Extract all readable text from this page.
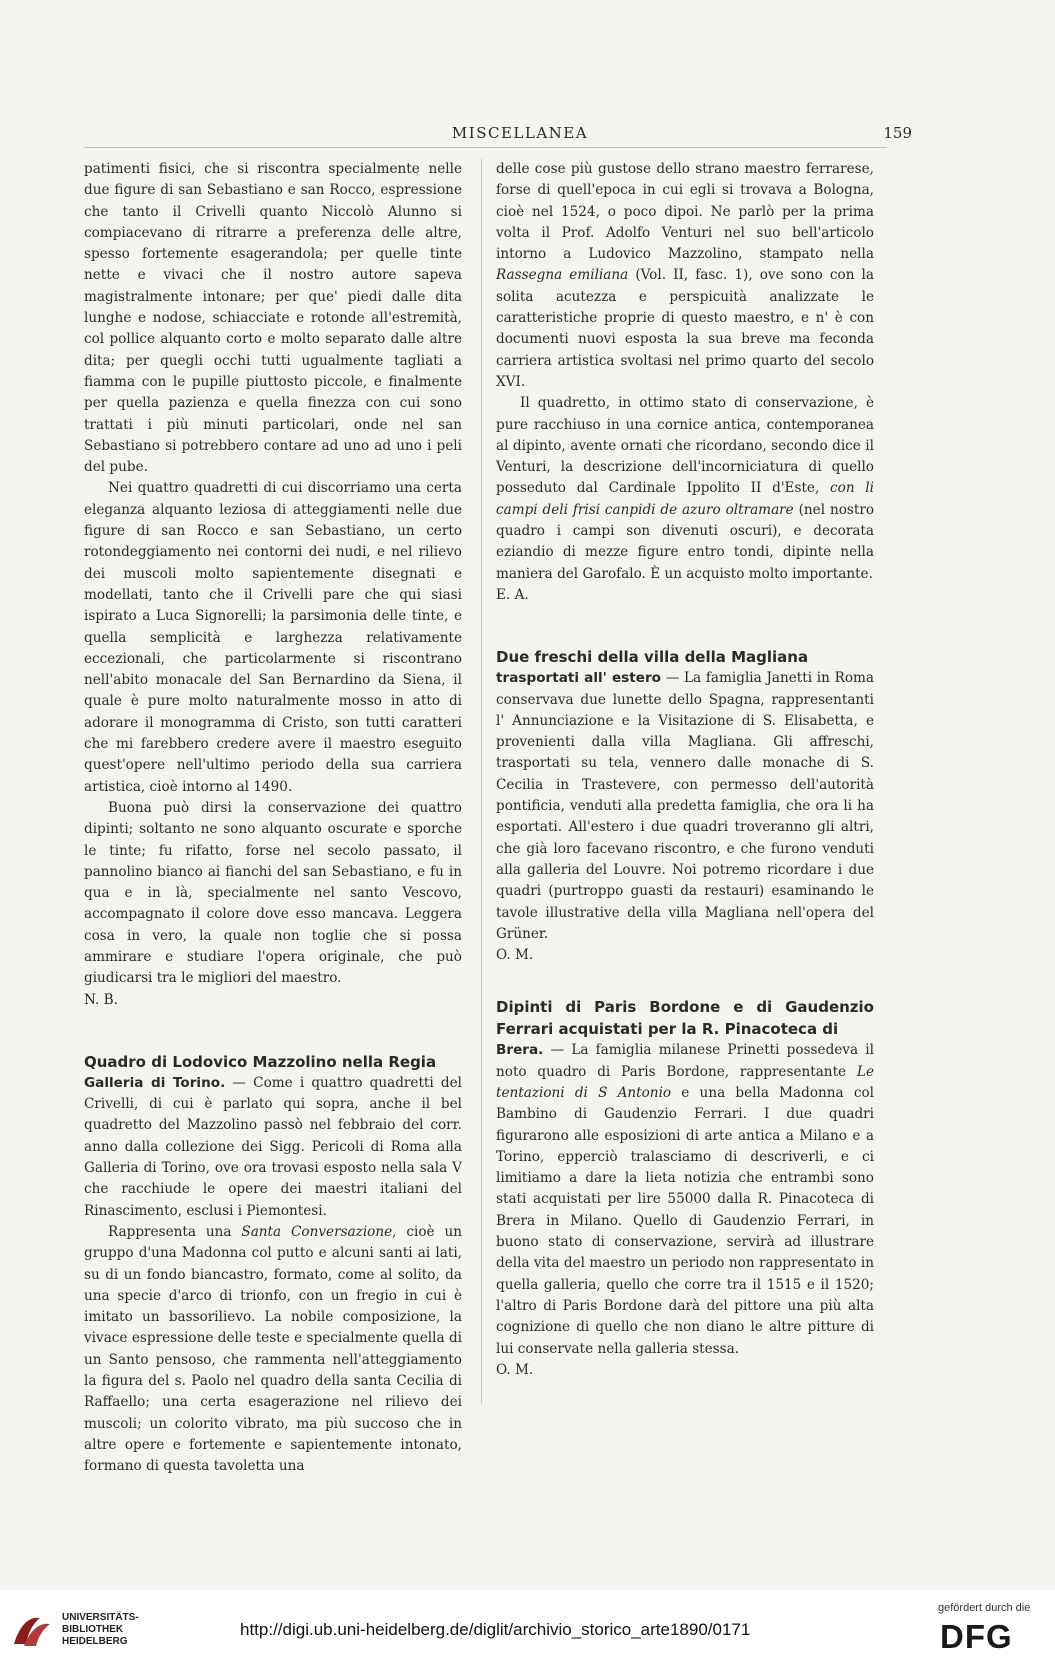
MISCELLANEA	159

patimenti fisici, che si riscontra specialmente nelle due figure di san Sebastiano e san Rocco, espressione che tanto il Crivelli quanto Niccolò Alunno si compiacevano di ritrarre a preferenza delle altre, spesso fortemente esagerandola; per quelle tinte nette e vivaci che il nostro autore sapeva magistralmente intonare; per que' piedi dalle dita lunghe e nodose, schiacciate e rotonde all'estremità, col pollice alquanto corto e molto separato dalle altre dita; per quegli occhi tutti ugualmente tagliati a fiamma con le pupille piuttosto piccole, e finalmente per quella pazienza e quella finezza con cui sono trattati i più minuti particolari, onde nel san Sebastiano si potrebbero contare ad uno ad uno i peli del pube.

Nei quattro quadretti di cui discorriamo una certa eleganza alquanto leziosa di atteggiamenti nelle due figure di san Rocco e san Sebastiano, un certo rotondeggiamento nei contorni dei nudi, e nel rilievo dei muscoli molto sapientemente disegnati e modellati, tanto che il Crivelli pare che qui siasi ispirato a Luca Signorelli; la parsimonia delle tinte, e quella semplicità e larghezza relativamente eccezionali, che particolarmente si riscontrano nell'abito monacale del San Bernardino da Siena, il quale è pure molto naturalmente mosso in atto di adorare il monogramma di Cristo, son tutti caratteri che mi farebbero credere avere il maestro eseguito quest'opere nell'ultimo periodo della sua carriera artistica, cioè intorno al 1490.

Buona può dirsi la conservazione dei quattro dipinti; soltanto ne sono alquanto oscurate e sporche le tinte; fu rifatto, forse nel secolo passato, il pannolino bianco ai fianchi del san Sebastiano, e fu in qua e in là, specialmente nel santo Vescovo, accompagnato il colore dove esso mancava. Leggera cosa in vero, la quale non toglie che si possa ammirare e studiare l'opera originale, che può giudicarsi tra le migliori del maestro.

N. B.

Quadro di Lodovico Mazzolino nella Regia

Galleria di Torino. — Come i quattro quadretti del Crivelli, di cui è parlato qui sopra, anche il bel quadretto del Mazzolino passò nel febbraio del corr. anno dalla collezione dei Sigg. Pericoli di Roma alla Galleria di Torino, ove ora trovasi esposto nella sala V che racchiude le opere dei maestri italiani del Rinascimento, esclusi i Piemontesi.

Rappresenta una Santa Conversazione, cioè un gruppo d'una Madonna col putto e alcuni santi ai lati, su di un fondo biancastro, formato, come al solito, da una specie d'arco di trionfo, con un fregio in cui è imitato un bassorilievo. La nobile composizione, la vivace espressione delle teste e specialmente quella di un Santo pensoso, che rammenta nell'atteggiamento la figura del s. Paolo nel quadro della santa Cecilia di Raffaello; una certa esagerazione nel rilievo dei muscoli; un colorito vibrato, ma più succoso che in altre opere e fortemente e sapientemente intonato, formano di questa tavoletta una

delle cose più gustose dello strano maestro ferrarese, forse di quell'epoca in cui egli si trovava a Bologna, cioè nel 1524, o poco dipoi. Ne parlò per la prima volta il Prof. Adolfo Venturi nel suo bell'articolo intorno a Ludovico Mazzolino, stampato nella Rassegna emiliana (Vol. II, fasc. 1), ove sono con la solita acutezza e perspicuità analizzate le caratteristiche proprie di questo maestro, e n' è con documenti nuovi esposta la sua breve ma feconda carriera artistica svoltasi nel primo quarto del secolo XVI.

Il quadretto, in ottimo stato di conservazione, è pure racchiuso in una cornice antica, contemporanea al dipinto, avente ornati che ricordano, secondo dice il Venturi, la descrizione dell'incorniciatura di quello posseduto dal Cardinale Ippolito II d'Este, con li campi deli frisi canpidi de azuro oltramare (nel nostro quadro i campi son divenuti oscuri), e decorata eziandio di mezze figure entro tondi, dipinte nella maniera del Garofalo. È un acquisto molto importante.

E. A.

Due freschi della villa della Magliana

trasportati all' estero — La famiglia Janetti in Roma conservava due lunette dello Spagna, rappresentanti l' Annunciazione e la Visitazione di S. Elisabetta, e provenienti dalla villa Magliana. Gli affreschi, trasportati su tela, vennero dalle monache di S. Cecilia in Trastevere, con permesso dell'autorità pontificia, venduti alla predetta famiglia, che ora li ha esportati. All'estero i due quadri troveranno gli altri, che già loro facevano riscontro, e che furono venduti alla galleria del Louvre. Noi potremo ricordare i due quadri (purtroppo guasti da restauri) esaminando le tavole illustrative della villa Magliana nell'opera del Grüner.

O. M.

Dipinti di Paris Bordone e di Gaudenzio Ferrari acquistati per la R. Pinacoteca di

Brera. — La famiglia milanese Prinetti possedeva il noto quadro di Paris Bordone, rappresentante Le tentazioni di S Antonio e una bella Madonna col Bambino di Gaudenzio Ferrari. I due quadri figurarono alle esposizioni di arte antica a Milano e a Torino, epperciò tralasciamo di descriverli, e ci limitiamo a dare la lieta notizia che entrambi sono stati acquistati per lire 55000 dalla R. Pinacoteca di Brera in Milano. Quello di Gaudenzio Ferrari, in buono stato di conservazione, servirà ad illustrare della vita del maestro un periodo non rappresentato in quella galleria, quello che corre tra il 1515 e il 1520; l'altro di Paris Bordone darà del pittore una più alta cognizione di quello che non diano le altre pitture di lui conservate nella galleria stessa.

O. M.

UNIVERSITÄTS-
BIBLIOTHEK
HEIDELBERG
http://digi.ub.uni-heidelberg.de/diglit/archivio_storico_arte1890/0171
gefördert durch die
DFG
